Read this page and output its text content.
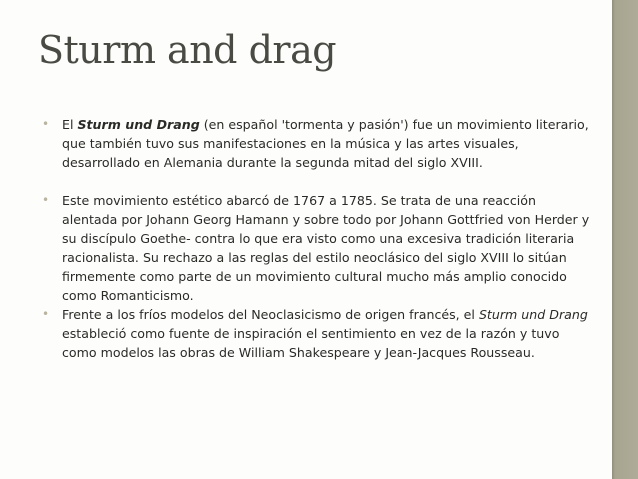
Sturm and drag

• El Sturm und Drang (en español 'tormenta y pasión') fue un movimiento literario, que también tuvo sus manifestaciones en la música y las artes visuales, desarrollado en Alemania durante la segunda mitad del siglo XVIII.

• Este movimiento estético abarcó de 1767 a 1785. Se trata de una reacción alentada por Johann Georg Hamann y sobre todo por Johann Gottfried von Herder y su discípulo Goethe- contra lo que era visto como una excesiva tradición literaria racionalista. Su rechazo a las reglas del estilo neoclásico del siglo XVIII lo sitúan firmemente como parte de un movimiento cultural mucho más amplio conocido como Romanticismo.

• Frente a los fríos modelos del Neoclasicismo de origen francés, el Sturm und Drang estableció como fuente de inspiración el sentimiento en vez de la razón y tuvo como modelos las obras de William Shakespeare y Jean-Jacques Rousseau.
